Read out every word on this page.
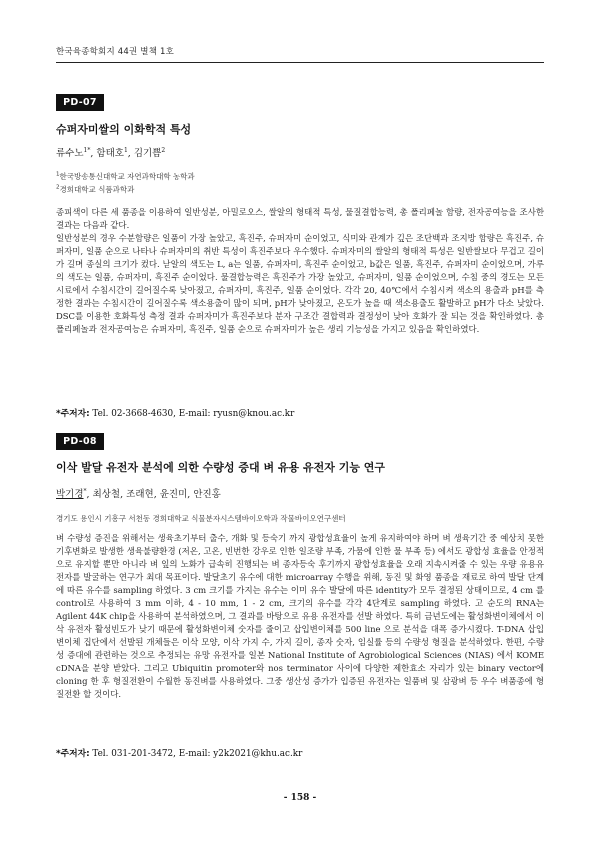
한국육종학회지 44권 별책 1호
PD-07
슈퍼자미쌀의 이화학적 특성
류수노$^{1*}$, 함태호$^1$, 김기쁨$^2$
$^1$한국방송통신대학교 자연과학대학 농학과
$^2$경희대학교 식품과학과

종피색이 다른 세 품종을 이용하여 일반성분, 아밀로오스, 쌀알의 형태적 특성, 물질결합능력, 총 폴리페놀 함량, 전자공여능을 조사한 결과는 다음과 같다.

일반성분의 경우 수분함량은 일품이 가장 높았고, 흑진주, 슈퍼자미 순이었고, 식미와 관계가 깊은 조단백과 조지방 함량은 흑진주, 슈퍼자미, 일품 순으로 나타나 슈퍼자미의 취반 특성이 흑진주보다 우수했다. 슈퍼자미의 쌀알의 형태적 특성은 일반쌀보다 무겁고 길이가 길며 종실의 크기가 컸다. 낟알의 색도는 L, a는 일품, 슈퍼자미, 흑진주 순이었고, b값은 일품, 흑진주, 슈퍼자미 순이었으며, 가루의 색도는 일품, 슈퍼자미, 흑진주 순이었다. 물결합능력은 흑진주가 가장 높았고, 슈퍼자미, 일품 순이었으며, 수침 중의 경도는 모든 시료에서 수침시간이 길어질수록 낮아졌고, 슈퍼자미, 흑진주, 일품 순이었다. 각각 20, 40℃에서 수침시켜 색소의 용출과 pH를 측정한 결과는 수침시간이 길어질수록 색소용출이 많이 되며, pH가 낮아졌고, 온도가 높을 때 색소용출도 활발하고 pH가 다소 낮았다. DSC를 이용한 호화특성 측정 결과 슈퍼자미가 흑진주보다 분자 구조간 결합력과 결정성이 낮아 호화가 잘 되는 것을 확인하였다. 총 폴리페놀과 전자공여능은 슈퍼자미, 흑진주, 일품 순으로 슈퍼자미가 높은 생리 기능성을 가지고 있음을 확인하였다.

*주저자: Tel. 02-3668-4630, E-mail: ryusn@knou.ac.kr
PD-08
이삭 발달 유전자 분석에 의한 수량성 증대 벼 유용 유전자 기능 연구
박기경*, 최상철, 조래현, 윤진미, 안진홍
경기도 용인시 기흥구 서천동 경희대학교 식물분자시스템바이오학과 작물바이오연구센터

벼 수량성 증진을 위해서는 생육초기부터 출수, 개화 및 등숙기 까지 광합성효율이 높게 유지하여야 하며 벼 생육기간 중 예상치 못한 기후변화로 발생한 생육불량환경 (저온, 고온, 빈번한 강우로 인한 일조량 부족, 가뭄에 인한 물 부족 등) 에서도 광합성 효율을 안정적으로 유지할 뿐만 아니라 벼 잎의 노화가 급속히 진행되는 벼 종자등숙 후기까지 광합성효율을 오래 지속시켜줄 수 있는 우량 유용유전자를 발굴하는 연구가 최대 목표이다. 발달초기 유수에 대한 microarray 수행을 위해, 동진 및 화영 품종을 재료로 하여 발달 단계에 따른 유수를 sampling 하였다. 3 cm 크기를 가지는 유수는 이미 유수 발달에 따른 identity가 모두 결정된 상태이므로, 4 cm 를 control로 사용하여 3 mm 이하, 4 - 10 mm, 1 - 2 cm, 크기의 유수를 각각 4단계로 sampling 하였다. 고 순도의 RNA는 Agilent 44K chip을 사용하여 분석하였으며, 그 결과를 바탕으로 유용 유전자를 선발 하였다. 특히 금년도에는 활성화변이체에서 이삭 유전자 활성빈도가 낮기 때문에 활성화변이체 숫자를 줄이고 삽입변이체를 500 line 으로 분석을 대폭 증가시켰다. T-DNA 삽입 변이체 집단에서 선발된 개체들은 이삭 모양, 이삭 가지 수, 가지 길이, 종자 숫자, 임실률 등의 수량성 형질을 분석하였다. 한편, 수량성 증대에 관련하는 것으로 추정되는 유망 유전자를 일본 National Institute of Agrobiological Sciences (NIAS) 에서 KOME cDNA을 분양 받았다. 그리고 Ubiquitin promoter와 nos terminator 사이에 다양한 제한효소 자리가 있는 binary vector에 cloning 한 후 형질전환이 수월한 동진벼를 사용하였다. 그중 생산성 증가가 입증된 유전자는 일품벼 및 삼광벼 등 우수 벼품종에 형질전환 할 것이다.

*주저자: Tel. 031-201-3472, E-mail: y2k2021@khu.ac.kr
- 158 -
